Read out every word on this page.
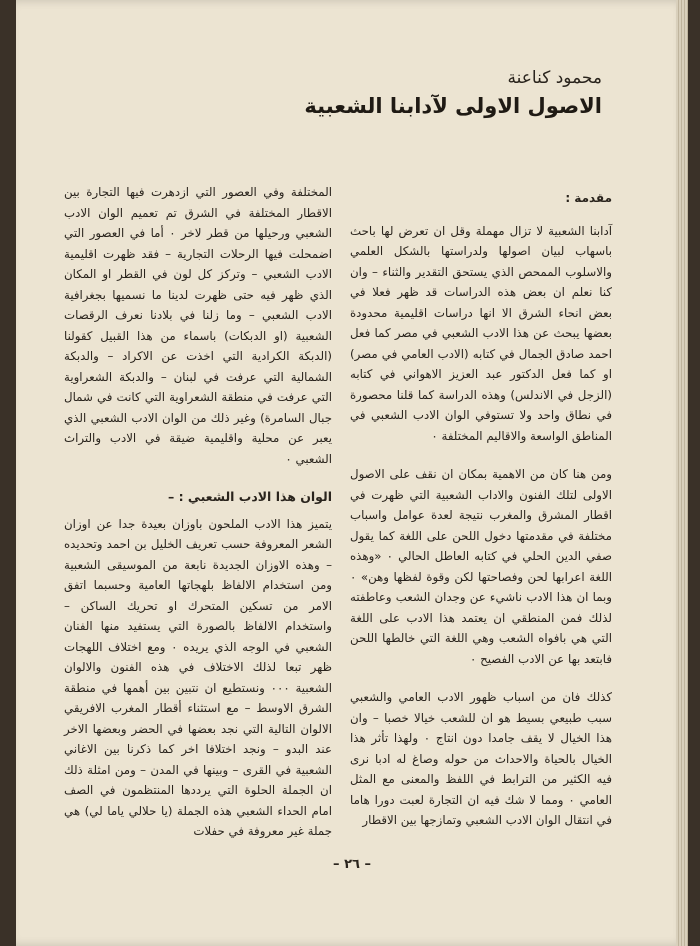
محمود كناعنة
الاصول الاولى لآدابنا الشعبية
مقدمة :

آدابنا الشعبية لا تزال مهملة وقل ان تعرض لها باحث باسهاب لبيان اصولها ولدراستها بالشكل العلمي والاسلوب الممحص الذي يستحق التقدير والثناء – وان كنا نعلم ان بعض هذه الدراسات قد ظهر فعلا في بعض انحاء الشرق الا انها دراسات اقليمية محدودة بعضها يبحث عن هذا الادب الشعبي في مصر كما فعل احمد صادق الجمال في كتابه (الادب العامي في مصر) او كما فعل الدكتور عبد العزيز الاهواني في كتابه (الزجل في الاندلس) وهذه الدراسة كما قلنا محصورة في نطاق واحد ولا تستوفي الوان الادب الشعبي في المناطق الواسعة والاقاليم المختلفة ٠

ومن هنا كان من الاهمية بمكان ان نقف على الاصول الاولى لتلك الفنون والاداب الشعبية التي ظهرت في اقطار المشرق والمغرب نتيجة لعدة عوامل واسباب مختلفة في مقدمتها دخول اللحن على اللغة كما يقول صفي الدين الحلي في كتابه العاطل الحالي ٠ «وهذه اللغة اعرابها لحن وفصاحتها لكن وقوة لفظها وهن» ٠ وبما ان هذا الادب ناشيء عن وجدان الشعب وعاطفته لذلك فمن المنطقي ان يعتمد هذا الادب على اللغة التي هي بافواه الشعب وهي اللغة التي خالطها اللحن فابتعد بها عن الادب الفصيح ٠

كذلك فان من اسباب ظهور الادب العامي والشعبي سبب طبيعي بسيط هو ان للشعب خيالا خصبا – وان هذا الخيال لا يقف جامدا دون انتاج ٠ ولهذا تأثر هذا الخيال بالحياة والاحداث من حوله وصاغ له ادبا نرى فيه الكثير من الترابط في اللفظ والمعنى مع المثل العامي ٠ ومما لا شك فيه ان التجارة لعبت دورا هاما في انتقال الوان الادب الشعبي وتمازجها بين الاقطار

المختلفة وفي العصور التي ازدهرت فيها التجارة بين الاقطار المختلفة في الشرق تم تعميم الوان الادب الشعبي ورحيلها من قطر لاخر ٠ أما في العصور التي اضمحلت فيها الرحلات التجارية – فقد ظهرت اقليمية الادب الشعبي – وتركز كل لون في القطر او المكان الذي ظهر فيه حتى ظهرت لدينا ما نسميها بجغرافية الادب الشعبي – وما زلنا في بلادنا نعرف الرقصات الشعبية (او الدبكات) باسماء من هذا القبيل كقولنا (الدبكة الكرادية التي اخذت عن الاكراد – والدبكة الشمالية التي عرفت في لبنان – والدبكة الشعراوية التي عرفت في منطقة الشعراوية التي كانت في شمال جبال السامرة) وغير ذلك من الوان الادب الشعبي الذي يعبر عن محلية واقليمية ضيقة في الادب والتراث الشعبي ٠

الوان هذا الادب الشعبي : –

يتميز هذا الادب الملحون باوزان بعيدة جدا عن اوزان الشعر المعروفة حسب تعريف الخليل بن احمد وتحديده – وهذه الاوزان الجديدة نابعة من الموسيقى الشعبية ومن استخدام الالفاظ بلهجاتها العامية وحسبما اتفق الامر من تسكين المتحرك او تحريك الساكن – واستخدام الالفاظ بالصورة التي يستفيد منها الفنان الشعبي في الوجه الذي يريده ٠ ومع اختلاف اللهجات ظهر تبعا لذلك الاختلاف في هذه الفنون والالوان الشعبية ٠٠٠ ونستطيع ان نتبين بين أهمها في منطقة الشرق الاوسط – مع استثناء أقطار المغرب الافريقي الالوان التالية التي نجد بعضها في الحضر وبعضها الاخر عند البدو – ونجد اختلافا اخر كما ذكرنا بين الاغاني الشعبية في القرى – وبينها في المدن – ومن امثلة ذلك ان الجملة الحلوة التي يرددها المنتظمون في الصف امام الحداء الشعبي هذه الجملة (يا حلالي ياما لي) هي جملة غير معروفة في حفلات

– ٢٦ –
